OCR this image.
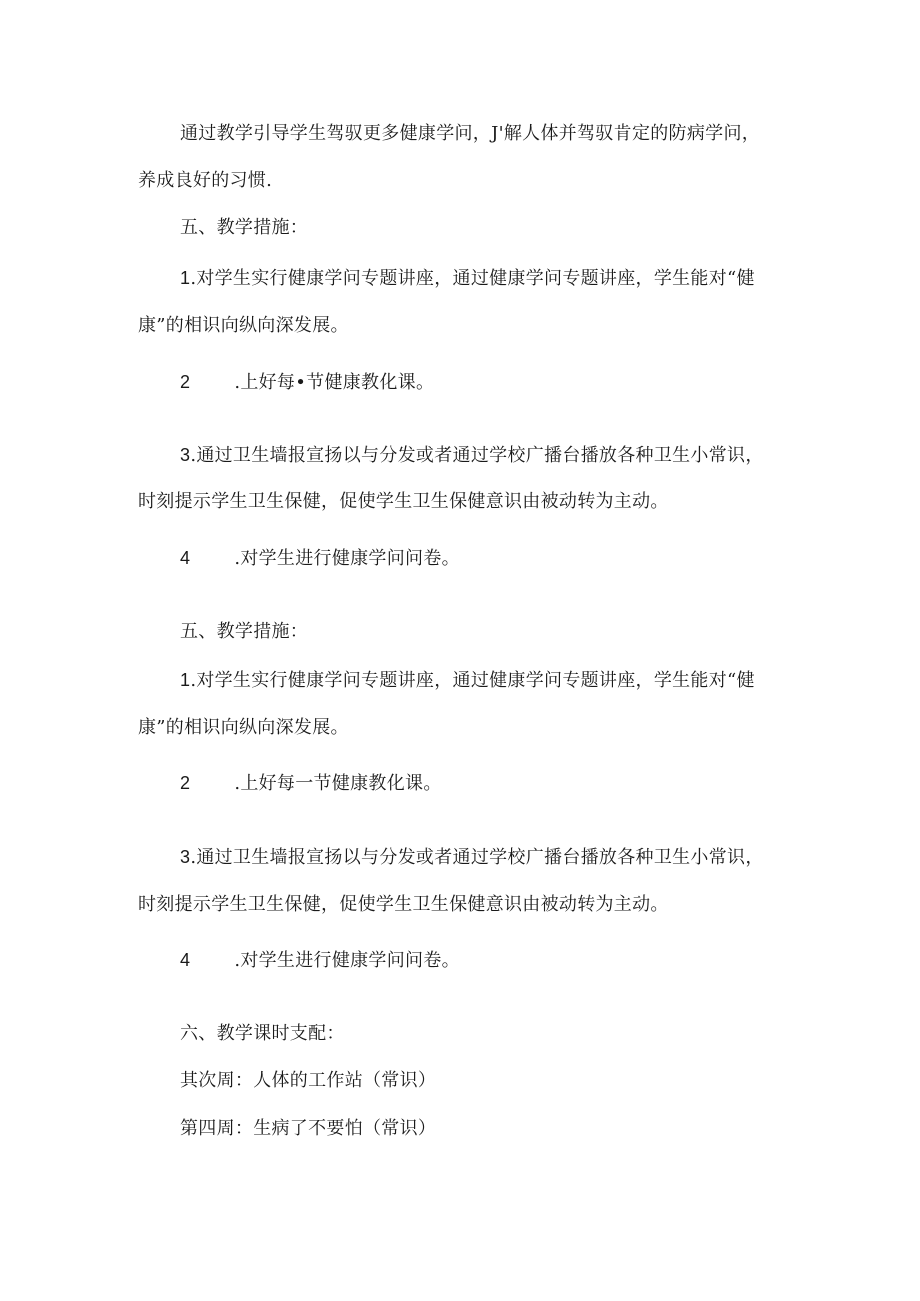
通过教学引导学生驾驭更多健康学问，J'解人体并驾驭肯定的防病学问，
养成良好的习惯.
五、教学措施：
1.对学生实行健康学问专题讲座，通过健康学问专题讲座，学生能对“健
康”的相识向纵向深发展。
2 .上好每•节健康教化课。
3.通过卫生墙报宣扬以与分发或者通过学校广播台播放各种卫生小常识，
时刻提示学生卫生保健，促使学生卫生保健意识由被动转为主动。
4 .对学生进行健康学问问卷。
五、教学措施：
1.对学生实行健康学问专题讲座，通过健康学问专题讲座，学生能对“健
康”的相识向纵向深发展。
2 .上好每一节健康教化课。
3.通过卫生墙报宣扬以与分发或者通过学校广播台播放各种卫生小常识，
时刻提示学生卫生保健，促使学生卫生保健意识由被动转为主动。
4 .对学生进行健康学问问卷。
六、教学课时支配：
其次周：人体的工作站（常识）
第四周：生病了不要怕（常识）
